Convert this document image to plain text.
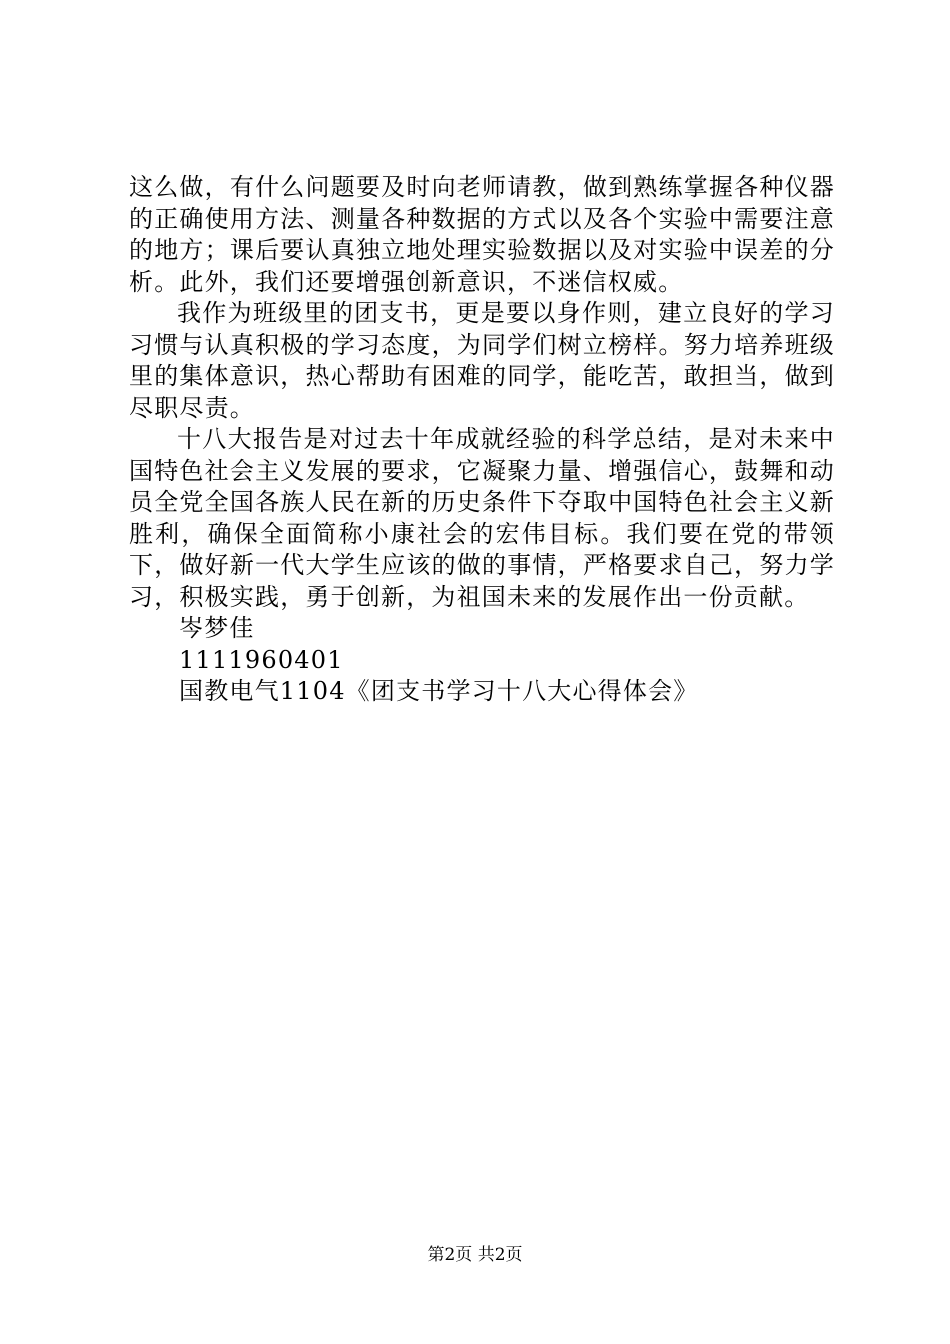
这么做，有什么问题要及时向老师请教，做到熟练掌握各种仪器的正确使用方法、测量各种数据的方式以及各个实验中需要注意的地方；课后要认真独立地处理实验数据以及对实验中误差的分析。此外，我们还要增强创新意识，不迷信权威。

我作为班级里的团支书，更是要以身作则，建立良好的学习习惯与认真积极的学习态度，为同学们树立榜样。努力培养班级里的集体意识，热心帮助有困难的同学，能吃苦，敢担当，做到尽职尽责。

十八大报告是对过去十年成就经验的科学总结，是对未来中国特色社会主义发展的要求，它凝聚力量、增强信心，鼓舞和动员全党全国各族人民在新的历史条件下夺取中国特色社会主义新胜利，确保全面简称小康社会的宏伟目标。我们要在党的带领下，做好新一代大学生应该的做的事情，严格要求自己，努力学习，积极实践，勇于创新，为祖国未来的发展作出一份贡献。

岑梦佳

1111960401

国教电气1104《团支书学习十八大心得体会》

第2页 共2页
